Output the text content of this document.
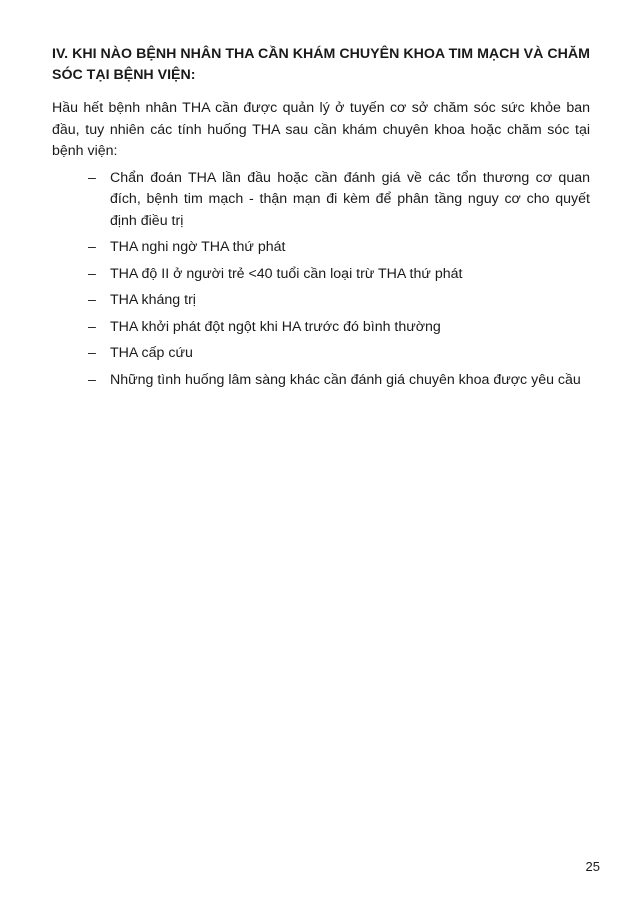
IV. KHI NÀO BỆNH NHÂN THA CẦN KHÁM CHUYÊN KHOA TIM MẠCH VÀ CHĂM SÓC TẠI BỆNH VIỆN:

Hầu hết bệnh nhân THA cần được quản lý ở tuyến cơ sở chăm sóc sức khỏe ban đầu, tuy nhiên các tính huống THA sau cần khám chuyên khoa hoặc chăm sóc tại bệnh viện:

– Chẩn đoán THA lần đầu hoặc cần đánh giá về các tổn thương cơ quan đích, bệnh tim mạch - thận mạn đi kèm để phân tầng nguy cơ cho quyết định điều trị
– THA nghi ngờ THA thứ phát
– THA độ II ở người trẻ <40 tuổi cần loại trừ THA thứ phát
– THA kháng trị
– THA khởi phát đột ngột khi HA trước đó bình thường
– THA cấp cứu
– Những tình huống lâm sàng khác cần đánh giá chuyên khoa được yêu cầu
25
